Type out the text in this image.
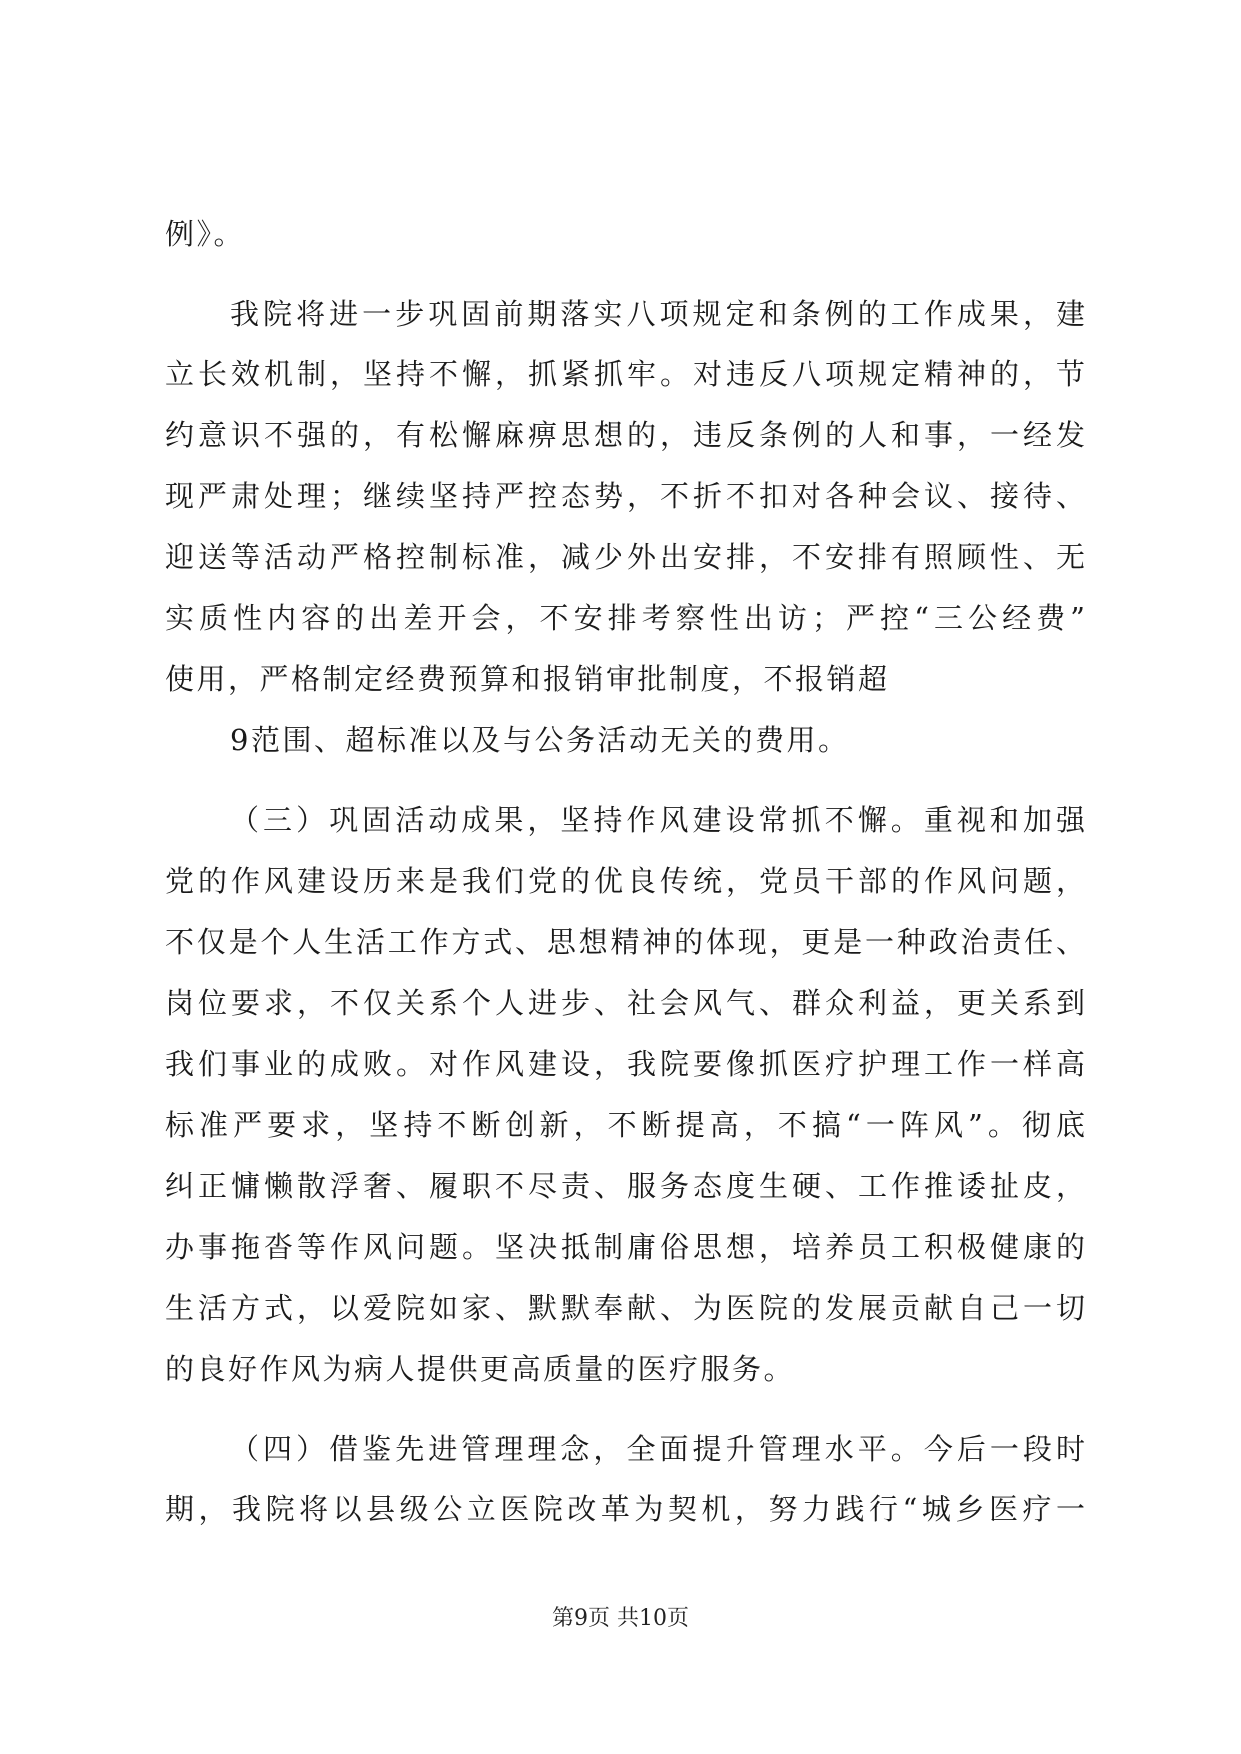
例》。
我院将进一步巩固前期落实八项规定和条例的工作成果，建
立长效机制，坚持不懈，抓紧抓牢。对违反八项规定精神的，节
约意识不强的，有松懈麻痹思想的，违反条例的人和事，一经发
现严肃处理；继续坚持严控态势，不折不扣对各种会议、接待、
迎送等活动严格控制标准，减少外出安排，不安排有照顾性、无
实质性内容的出差开会，不安排考察性出访；严控“三公经费”
使用，严格制定经费预算和报销审批制度，不报销超
9范围、超标准以及与公务活动无关的费用。
（三）巩固活动成果，坚持作风建设常抓不懈。重视和加强
党的作风建设历来是我们党的优良传统，党员干部的作风问题，
不仅是个人生活工作方式、思想精神的体现，更是一种政治责任、
岗位要求，不仅关系个人进步、社会风气、群众利益，更关系到
我们事业的成败。对作风建设，我院要像抓医疗护理工作一样高
标准严要求，坚持不断创新，不断提高，不搞“一阵风”。彻底
纠正慵懒散浮奢、履职不尽责、服务态度生硬、工作推诿扯皮，
办事拖沓等作风问题。坚决抵制庸俗思想，培养员工积极健康的
生活方式，以爱院如家、默默奉献、为医院的发展贡献自己一切
的良好作风为病人提供更高质量的医疗服务。
（四）借鉴先进管理理念，全面提升管理水平。今后一段时
期，我院将以县级公立医院改革为契机，努力践行“城乡医疗一
第9页 共10页
